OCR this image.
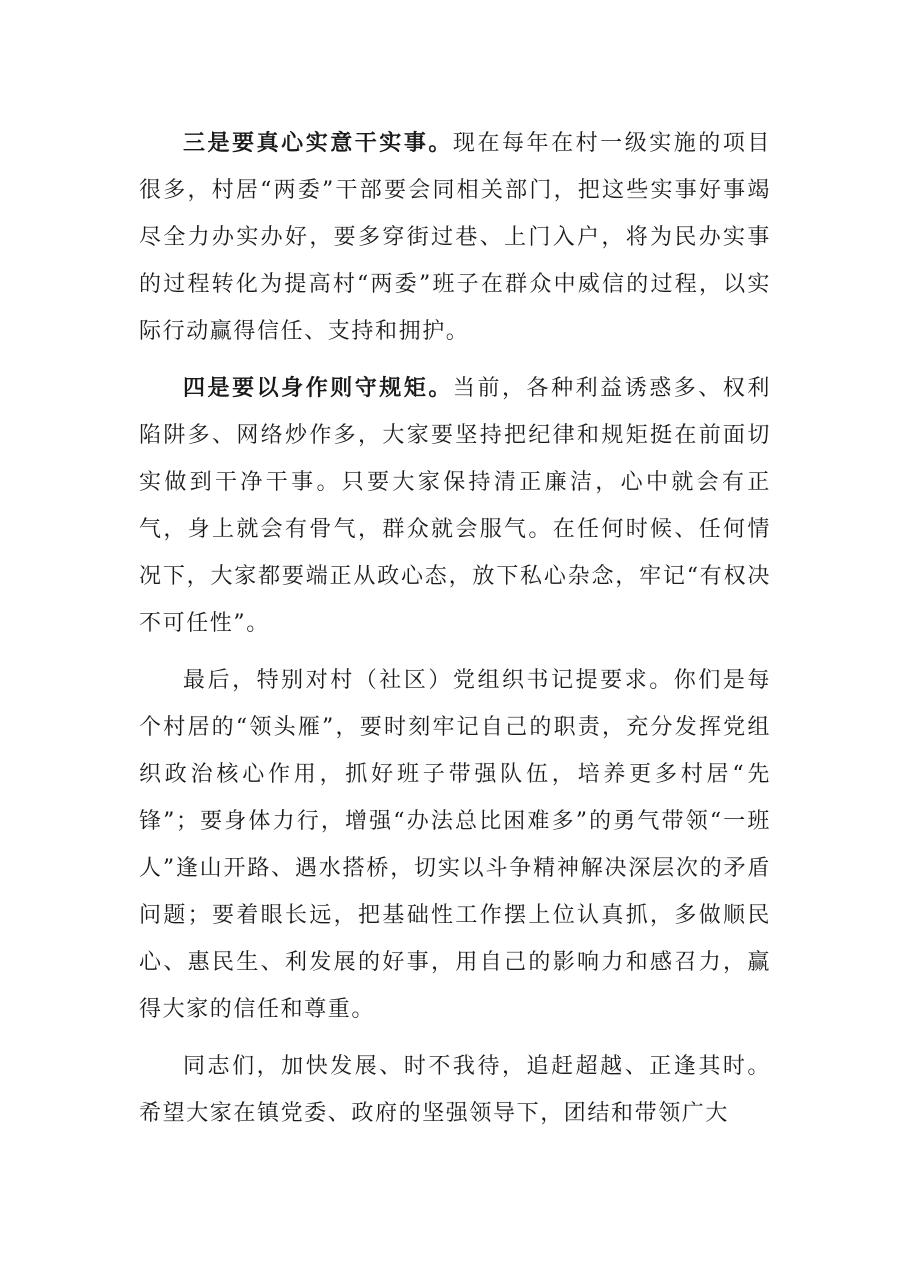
三是要真心实意干实事。现在每年在村一级实施的项目很多，村居“两委”干部要会同相关部门，把这些实事好事竭尽全力办实办好，要多穿街过巷、上门入户，将为民办实事的过程转化为提高村“两委”班子在群众中威信的过程，以实际行动赢得信任、支持和拥护。

四是要以身作则守规矩。当前，各种利益诱惑多、权利陷阱多、网络炒作多，大家要坚持把纪律和规矩挺在前面切实做到干净干事。只要大家保持清正廉洁，心中就会有正气，身上就会有骨气，群众就会服气。在任何时候、任何情况下，大家都要端正从政心态，放下私心杂念，牢记“有权决不可任性”。

最后，特别对村（社区）党组织书记提要求。你们是每个村居的“领头雁”，要时刻牢记自己的职责，充分发挥党组织政治核心作用，抓好班子带强队伍，培养更多村居“先锋”；要身体力行，增强“办法总比困难多”的勇气带领“一班人”逢山开路、遇水搭桥，切实以斗争精神解决深层次的矛盾问题；要着眼长远，把基础性工作摆上位认真抓，多做顺民心、惠民生、利发展的好事，用自己的影响力和感召力，赢得大家的信任和尊重。

同志们，加快发展、时不我待，追赶超越、正逢其时。希望大家在镇党委、政府的坚强领导下，团结和带领广大
